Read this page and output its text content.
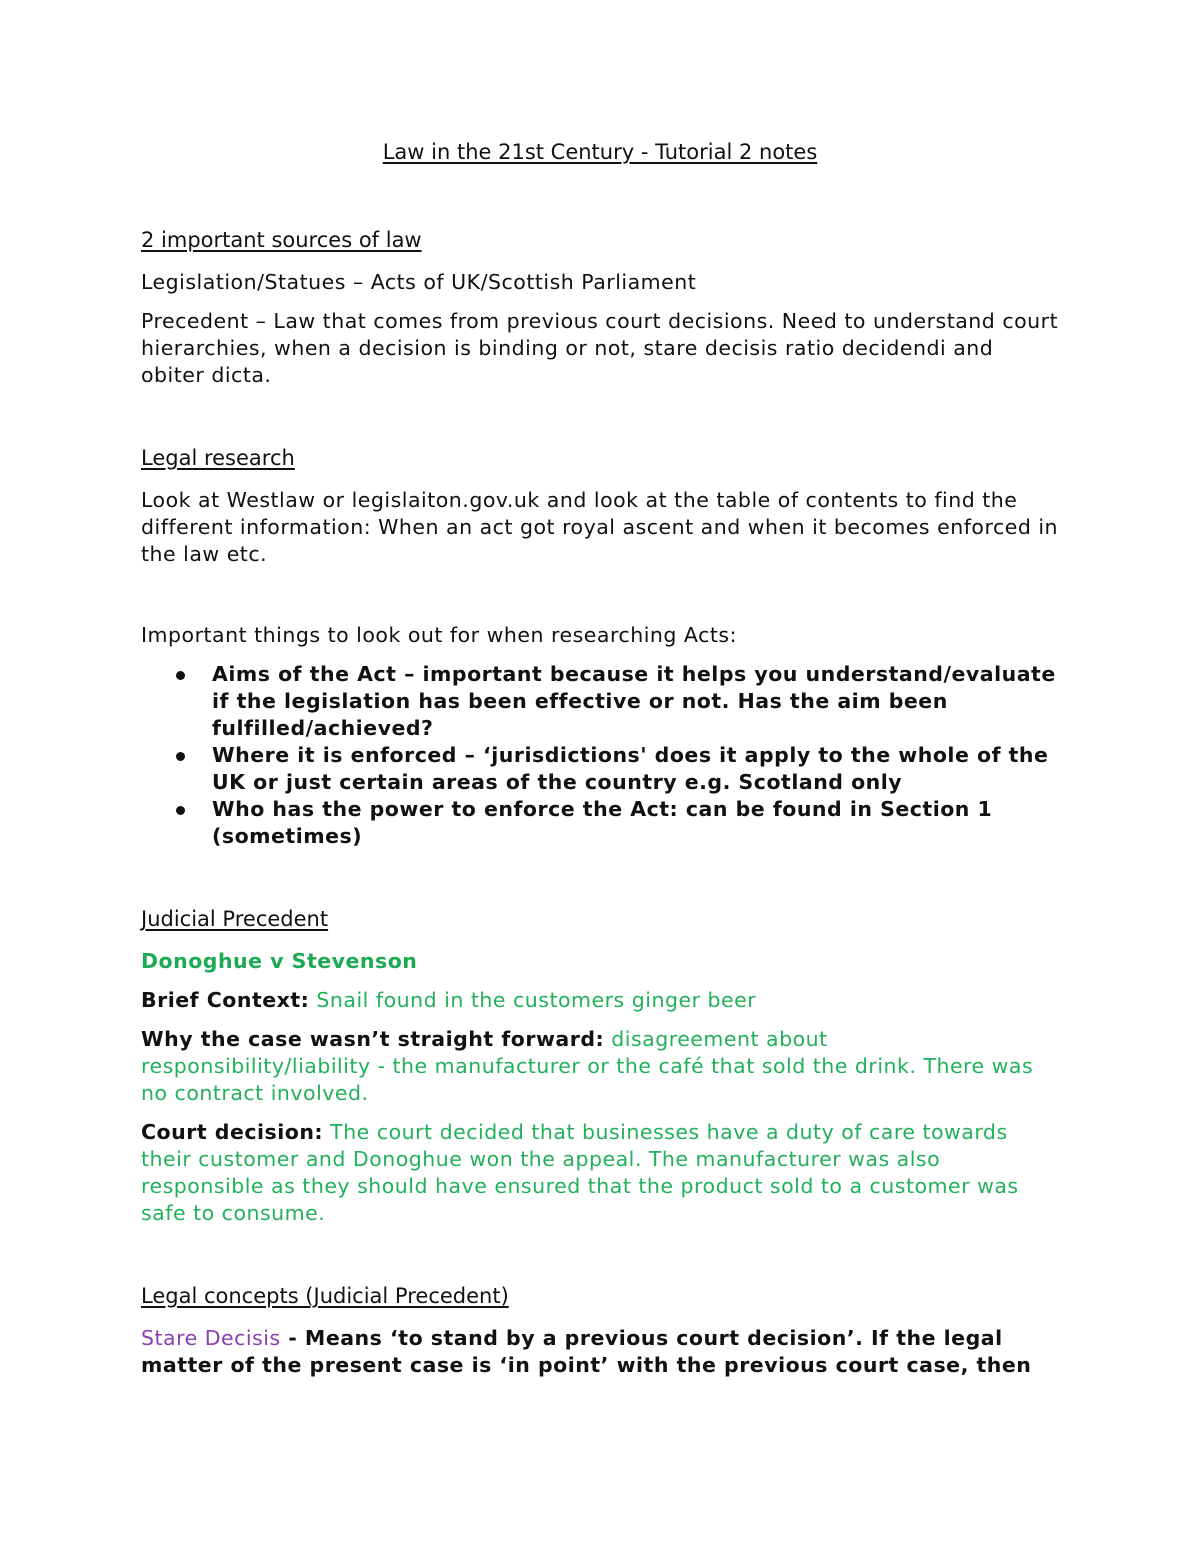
Law in the 21st Century - Tutorial 2 notes
2 important sources of law

Legislation/Statues – Acts of UK/Scottish Parliament

Precedent – Law that comes from previous court decisions. Need to understand court hierarchies, when a decision is binding or not, stare decisis ratio decidendi and obiter dicta.

Legal research

Look at Westlaw or legislaiton.gov.uk and look at the table of contents to find the different information: When an act got royal ascent and when it becomes enforced in the law etc.

Important things to look out for when researching Acts:

Aims of the Act – important because it helps you understand/evaluate if the legislation has been effective or not. Has the aim been fulfilled/achieved?
Where it is enforced – ‘jurisdictions' does it apply to the whole of the UK or just certain areas of the country e.g. Scotland only
Who has the power to enforce the Act: can be found in Section 1 (sometimes)
Judicial Precedent

Donoghue v Stevenson

Brief Context: Snail found in the customers ginger beer

Why the case wasn’t straight forward: disagreement about responsibility/liability - the manufacturer or the café that sold the drink. There was no contract involved.

Court decision: The court decided that businesses have a duty of care towards their customer and Donoghue won the appeal. The manufacturer was also responsible as they should have ensured that the product sold to a customer was safe to consume.

Legal concepts (Judicial Precedent)

Stare Decisis - Means ‘to stand by a previous court decision’. If the legal matter of the present case is ‘in point’ with the previous court case, then
